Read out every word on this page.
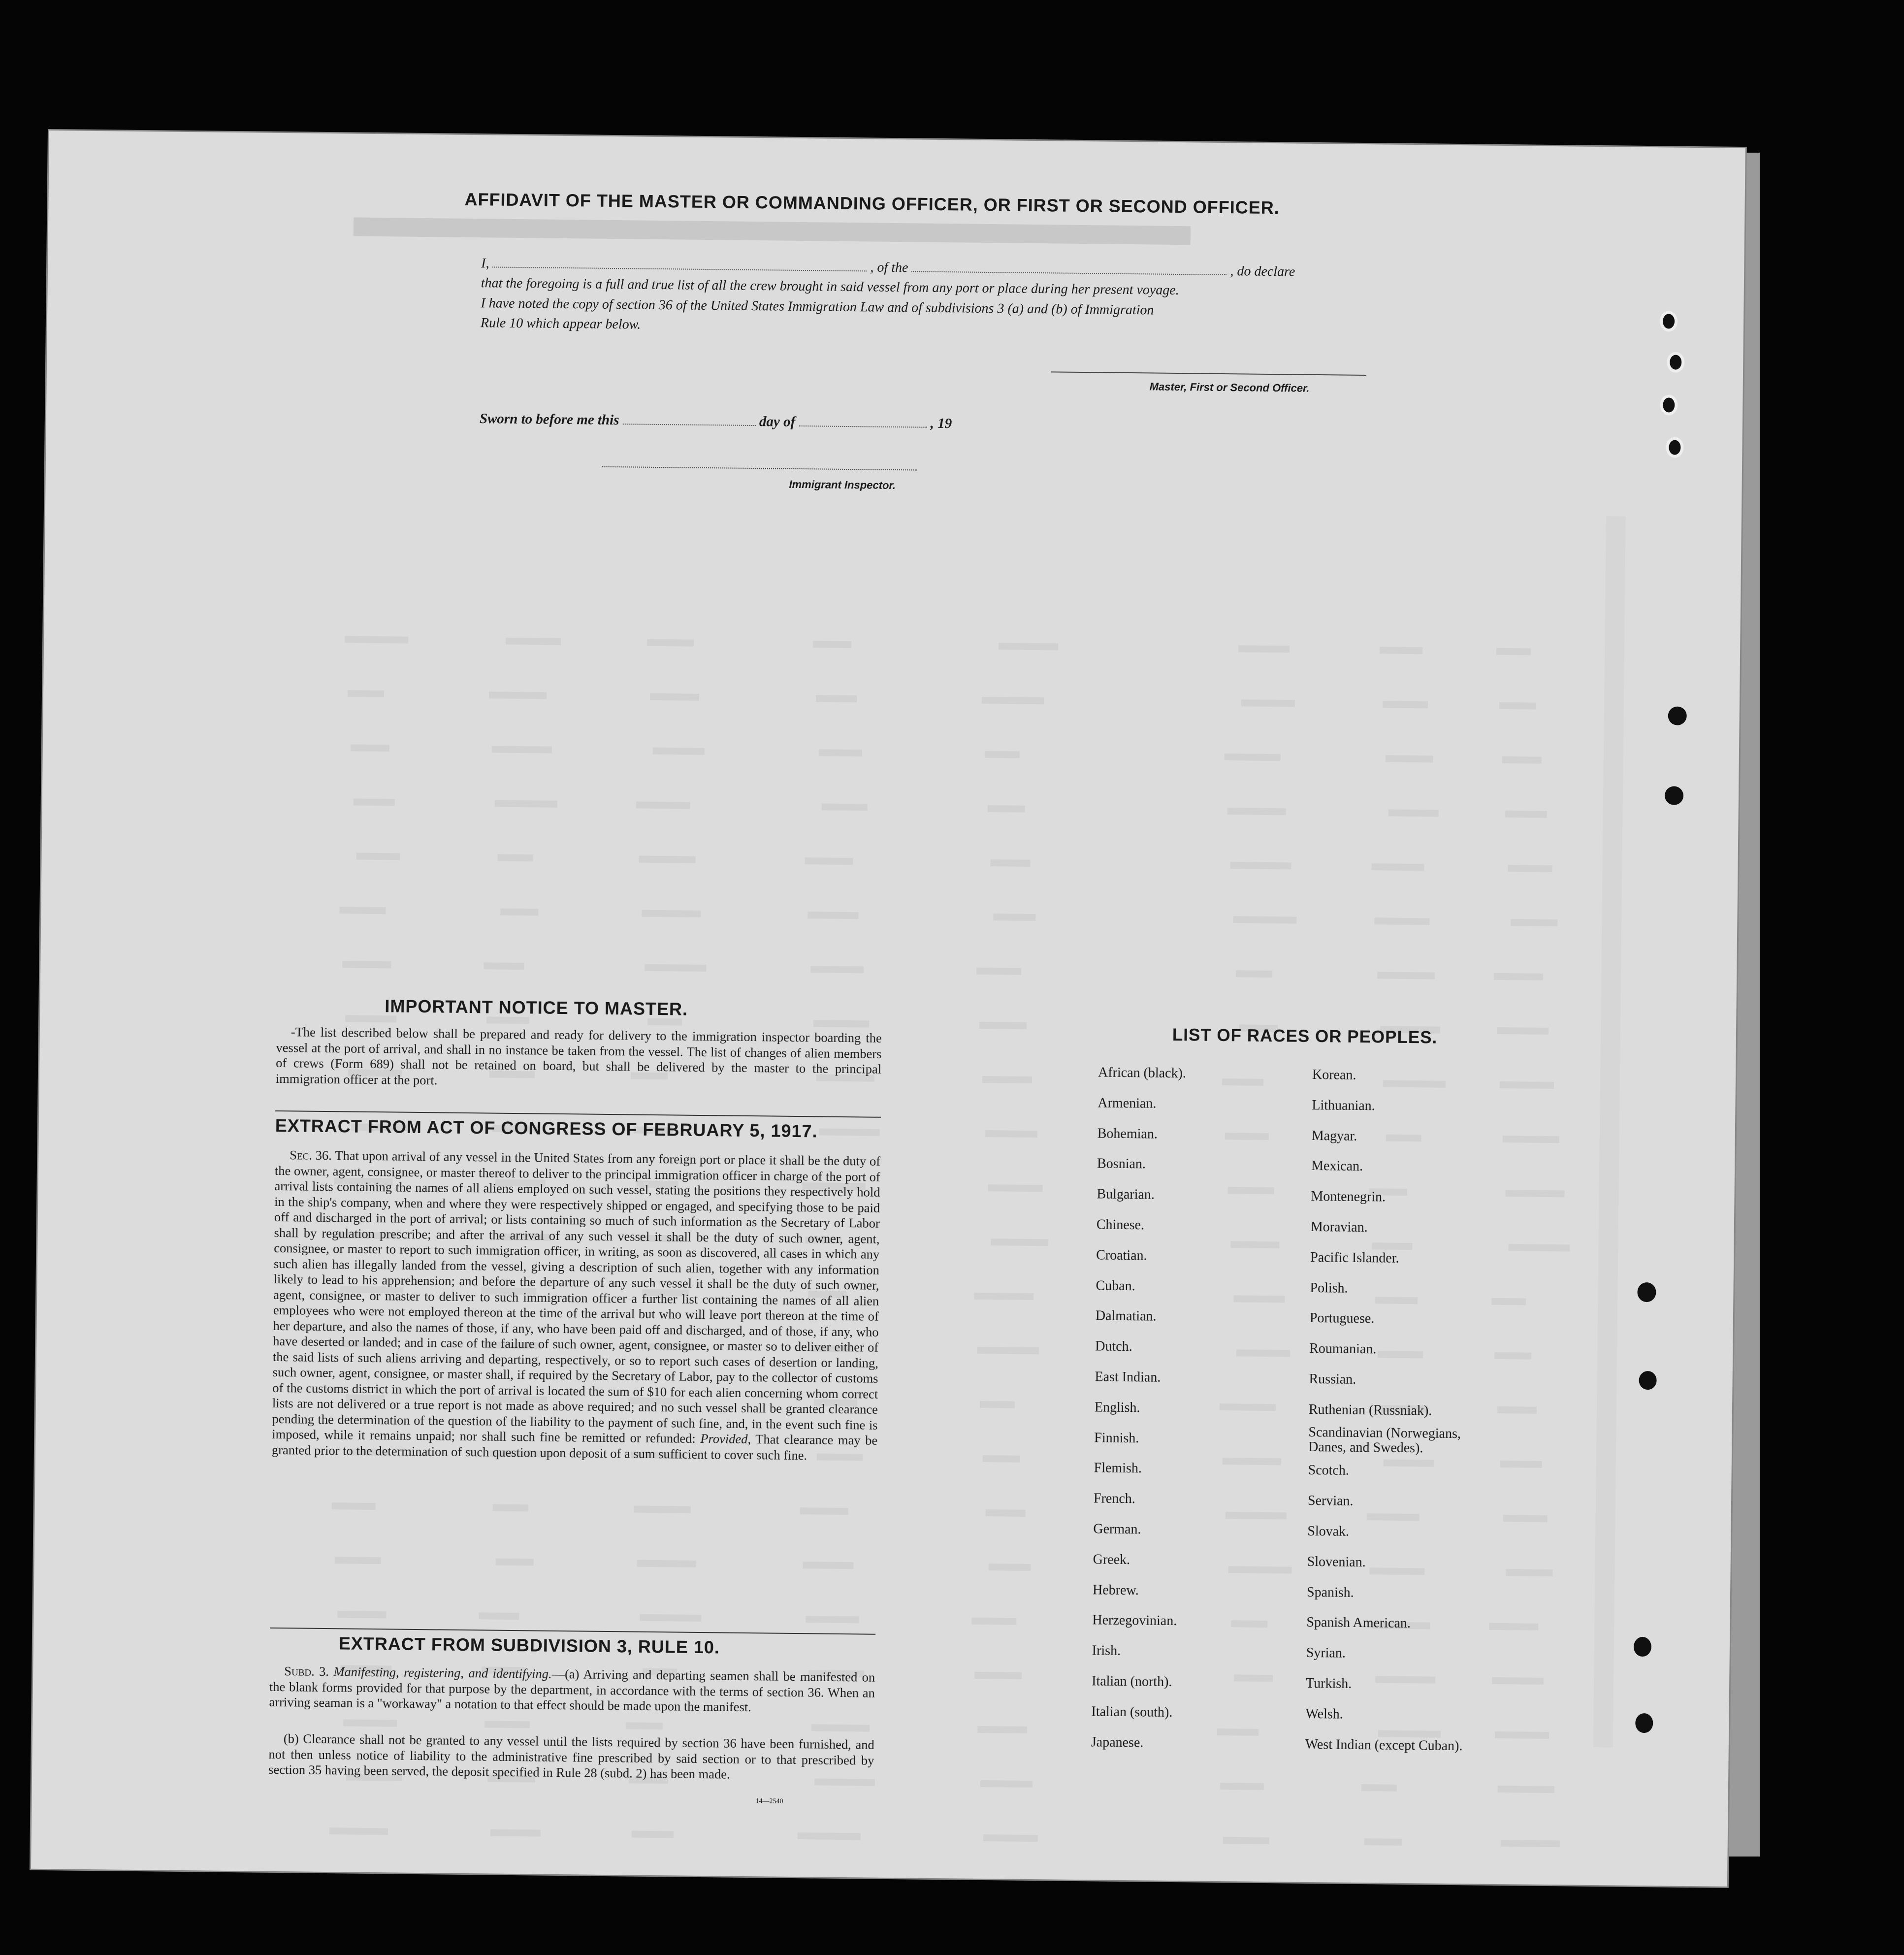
AFFIDAVIT OF THE MASTER OR COMMANDING OFFICER, OR FIRST OR SECOND OFFICER.
I,	, of the	, do declare
that the foregoing is a full and true list of all the crew brought in said vessel from any port or place during her present voyage.
I have noted the copy of section 36 of the United States Immigration Law and of subdivisions 3 (a) and (b) of Immigration
Rule 10 which appear below.
Master, First or Second Officer.
Sworn to before me this	day of	, 19
Immigrant Inspector.
IMPORTANT NOTICE TO MASTER.
-The list described below shall be prepared and ready for delivery to the immigration inspector boarding the vessel at the port of arrival, and shall in no instance be taken from the vessel. The list of changes of alien members of crews (Form 689) shall not be retained on board, but shall be delivered by the master to the principal immigration officer at the port.
EXTRACT FROM ACT OF CONGRESS OF FEBRUARY 5, 1917.
Sec. 36. That upon arrival of any vessel in the United States from any foreign port or place it shall be the duty of the owner, agent, consignee, or master thereof to deliver to the principal immigration officer in charge of the port of arrival lists containing the names of all aliens employed on such vessel, stating the positions they respectively hold in the ship's company, when and where they were respectively shipped or engaged, and specifying those to be paid off and discharged in the port of arrival; or lists containing so much of such information as the Secretary of Labor shall by regulation prescribe; and after the arrival of any such vessel it shall be the duty of such owner, agent, consignee, or master to report to such immigration officer, in writing, as soon as discovered, all cases in which any such alien has illegally landed from the vessel, giving a description of such alien, together with any information likely to lead to his apprehension; and before the departure of any such vessel it shall be the duty of such owner, agent, consignee, or master to deliver to such immigration officer a further list containing the names of all alien employees who were not employed thereon at the time of the arrival but who will leave port thereon at the time of her departure, and also the names of those, if any, who have been paid off and discharged, and of those, if any, who have deserted or landed; and in case of the failure of such owner, agent, consignee, or master so to deliver either of the said lists of such aliens arriving and departing, respectively, or so to report such cases of desertion or landing, such owner, agent, consignee, or master shall, if required by the Secretary of Labor, pay to the collector of customs of the customs district in which the port of arrival is located the sum of $10 for each alien concerning whom correct lists are not delivered or a true report is not made as above required; and no such vessel shall be granted clearance pending the determination of the question of the liability to the payment of such fine, and, in the event such fine is imposed, while it remains unpaid; nor shall such fine be remitted or refunded: Provided, That clearance may be granted prior to the determination of such question upon deposit of a sum sufficient to cover such fine.
EXTRACT FROM SUBDIVISION 3, RULE 10.
Subd. 3. Manifesting, registering, and identifying.—(a) Arriving and departing seamen shall be manifested on the blank forms provided for that purpose by the department, in accordance with the terms of section 36. When an arriving seaman is a "workaway" a notation to that effect should be made upon the manifest.
(b) Clearance shall not be granted to any vessel until the lists required by section 36 have been furnished, and not then unless notice of liability to the administrative fine prescribed by said section or to that prescribed by section 35 having been served, the deposit specified in Rule 28 (subd. 2) has been made.
14—2540
LIST OF RACES OR PEOPLES.
African (black).
Armenian.
Bohemian.
Bosnian.
Bulgarian.
Chinese.
Croatian.
Cuban.
Dalmatian.
Dutch.
East Indian.
English.
Finnish.
Flemish.
French.
German.
Greek.
Hebrew.
Herzegovinian.
Irish.
Italian (north).
Italian (south).
Japanese.
Korean.
Lithuanian.
Magyar.
Mexican.
Montenegrin.
Moravian.
Pacific Islander.
Polish.
Portuguese.
Roumanian.
Russian.
Ruthenian (Russniak).
Scandinavian (Norwegians, Danes, and Swedes).
Scotch.
Servian.
Slovak.
Slovenian.
Spanish.
Spanish American.
Syrian.
Turkish.
Welsh.
West Indian (except Cuban).
